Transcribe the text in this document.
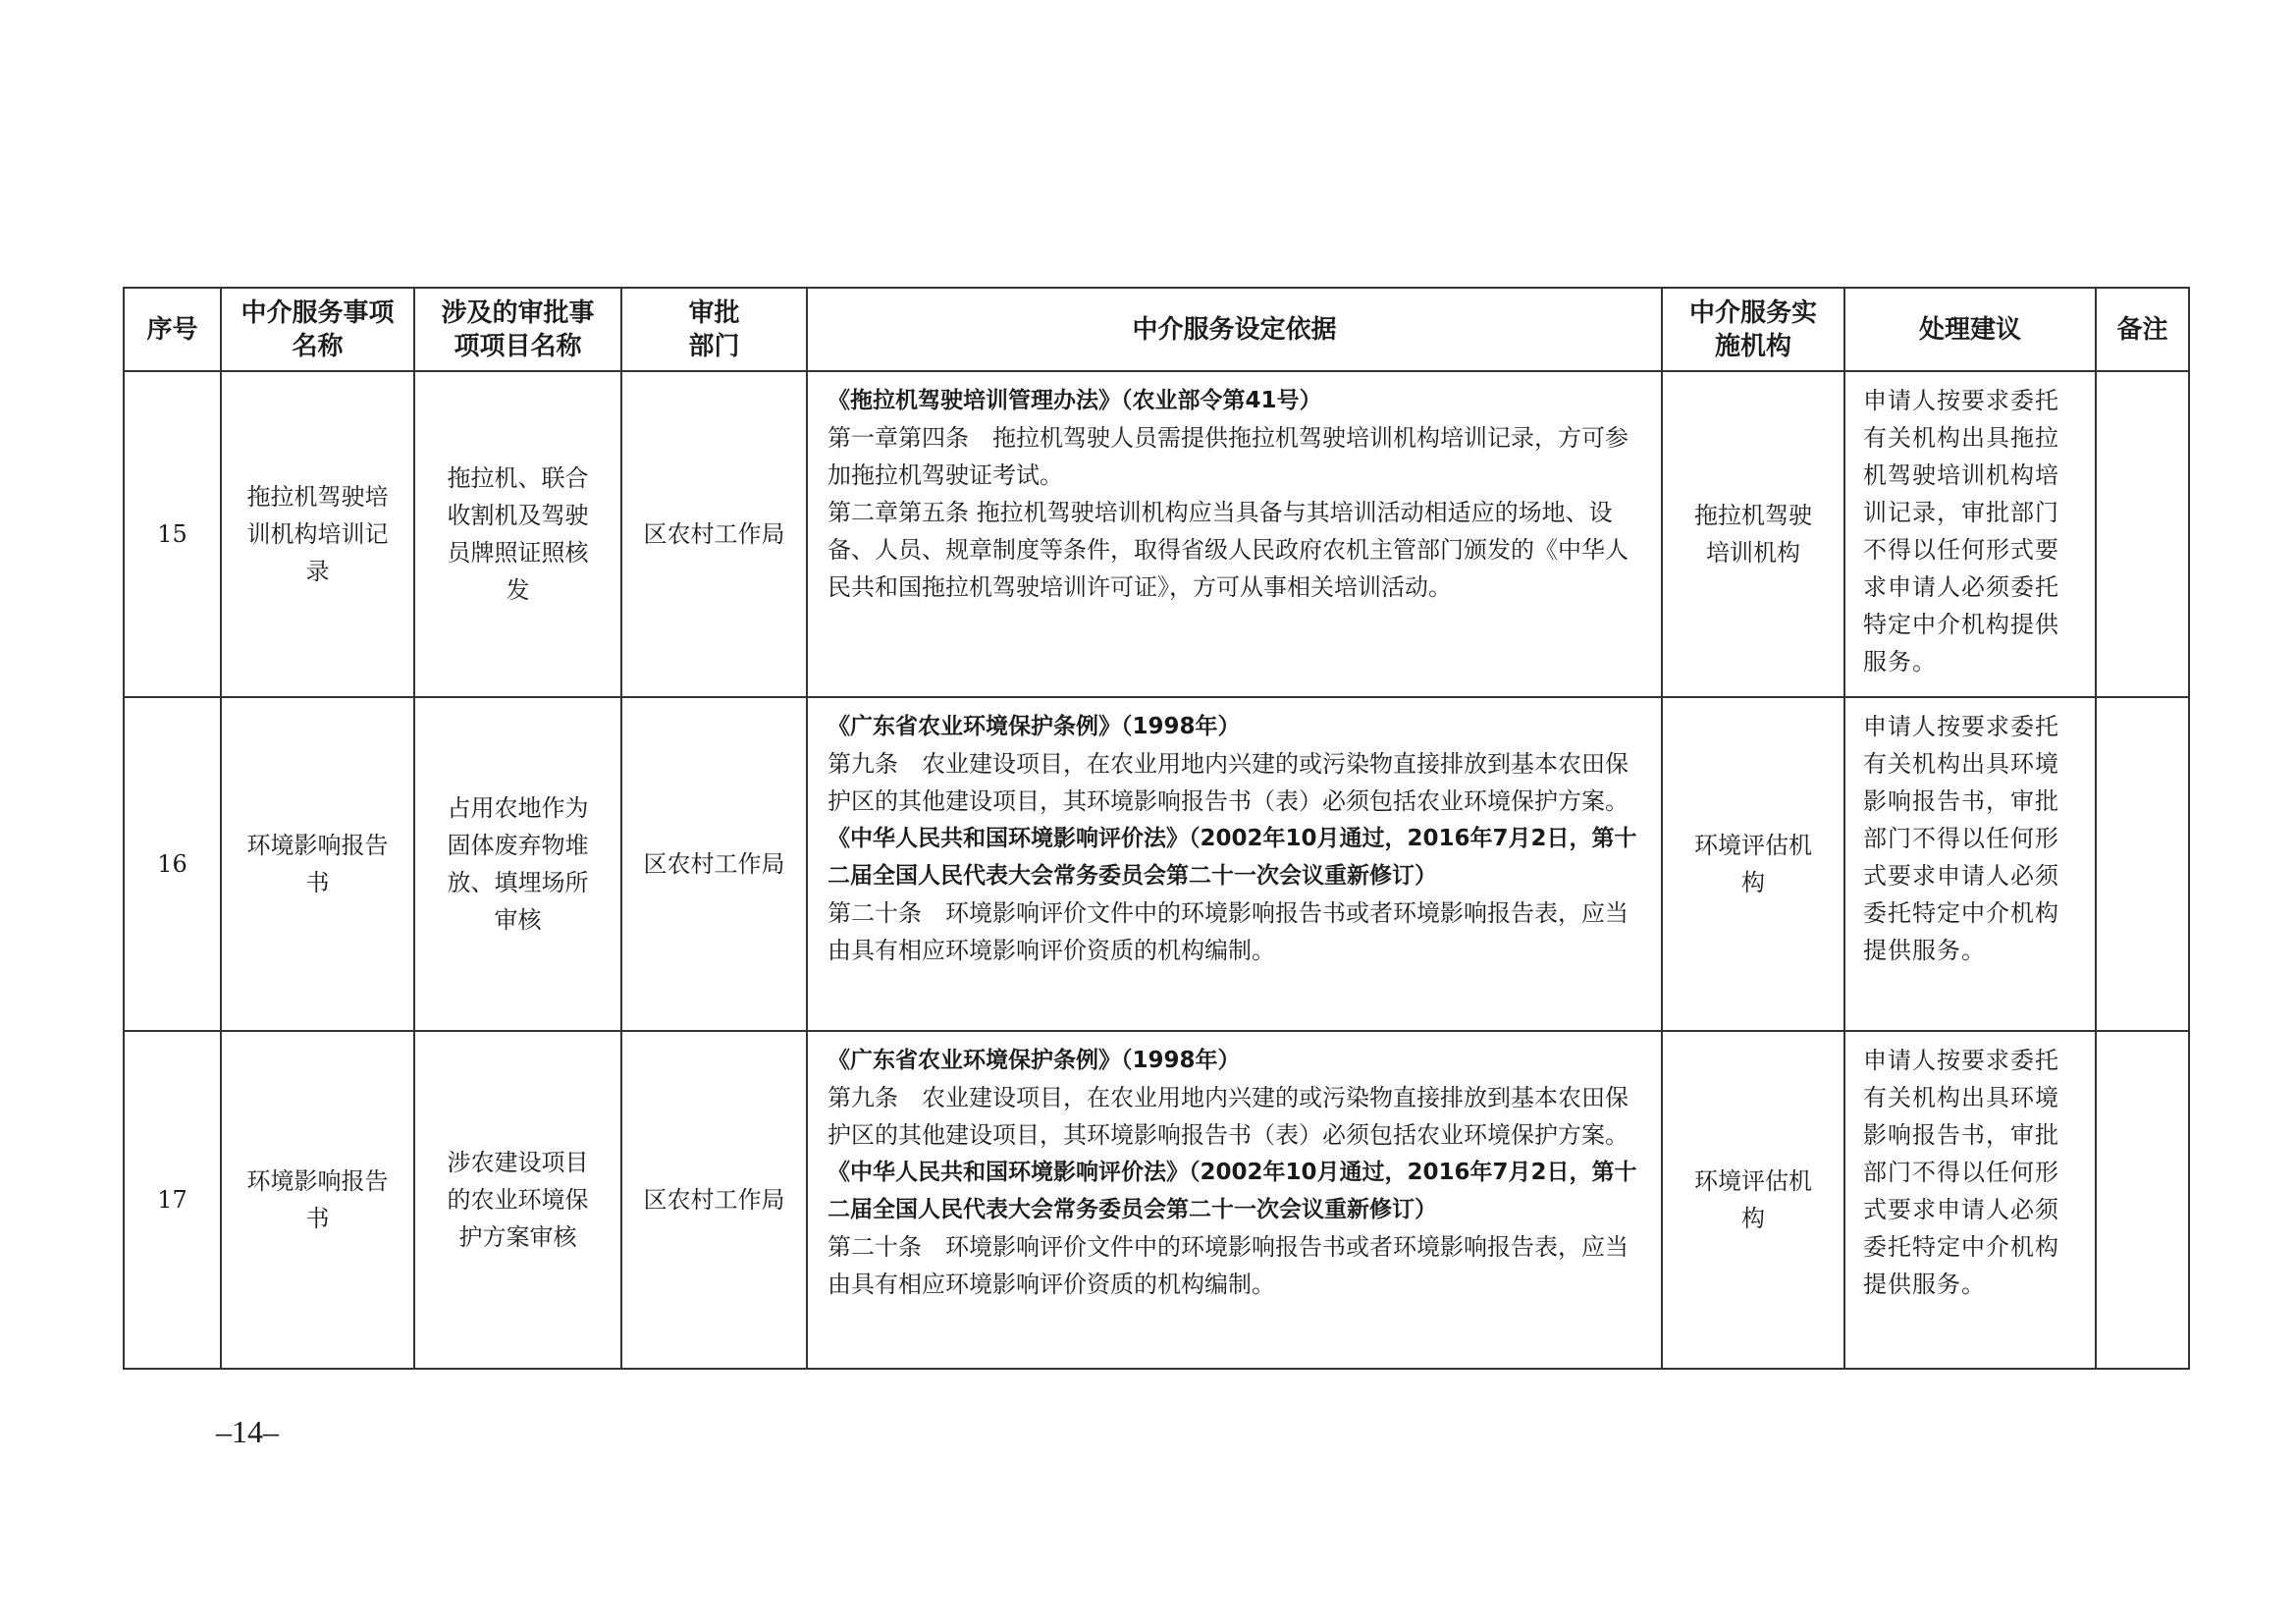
序号	中介服务事项名称	涉及的审批事项项目名称	审批部门	中介服务设定依据	中介服务实施机构	处理建议	备注

15	拖拉机驾驶培训机构培训记录	拖拉机、联合收割机及驾驶员牌照证照核发	区农村工作局	《拖拉机驾驶培训管理办法》（农业部令第41号）
第一章第四条　拖拉机驾驶人员需提供拖拉机驾驶培训机构培训记录，方可参加拖拉机驾驶证考试。
第二章第五条 拖拉机驾驶培训机构应当具备与其培训活动相适应的场地、设备、人员、规章制度等条件，取得省级人民政府农机主管部门颁发的《中华人民共和国拖拉机驾驶培训许可证》，方可从事相关培训活动。	拖拉机驾驶培训机构	申请人按要求委托有关机构出具拖拉机驾驶培训机构培训记录，审批部门不得以任何形式要求申请人必须委托特定中介机构提供服务。	

16	环境影响报告书	占用农地作为固体废弃物堆放、填埋场所审核	区农村工作局	《广东省农业环境保护条例》（1998年）
第九条　农业建设项目，在农业用地内兴建的或污染物直接排放到基本农田保护区的其他建设项目，其环境影响报告书（表）必须包括农业环境保护方案。
《中华人民共和国环境影响评价法》（2002年10月通过，2016年7月2日，第十二届全国人民代表大会常务委员会第二十一次会议重新修订）
第二十条　环境影响评价文件中的环境影响报告书或者环境影响报告表，应当由具有相应环境影响评价资质的机构编制。	环境评估机构	申请人按要求委托有关机构出具环境影响报告书，审批部门不得以任何形式要求申请人必须委托特定中介机构提供服务。	

17	环境影响报告书	涉农建设项目的农业环境保护方案审核	区农村工作局	《广东省农业环境保护条例》（1998年）
第九条　农业建设项目，在农业用地内兴建的或污染物直接排放到基本农田保护区的其他建设项目，其环境影响报告书（表）必须包括农业环境保护方案。
《中华人民共和国环境影响评价法》（2002年10月通过，2016年7月2日，第十二届全国人民代表大会常务委员会第二十一次会议重新修订）
第二十条　环境影响评价文件中的环境影响报告书或者环境影响报告表，应当由具有相应环境影响评价资质的机构编制。	环境评估机构	申请人按要求委托有关机构出具环境影响报告书，审批部门不得以任何形式要求申请人必须委托特定中介机构提供服务。	

–14–
